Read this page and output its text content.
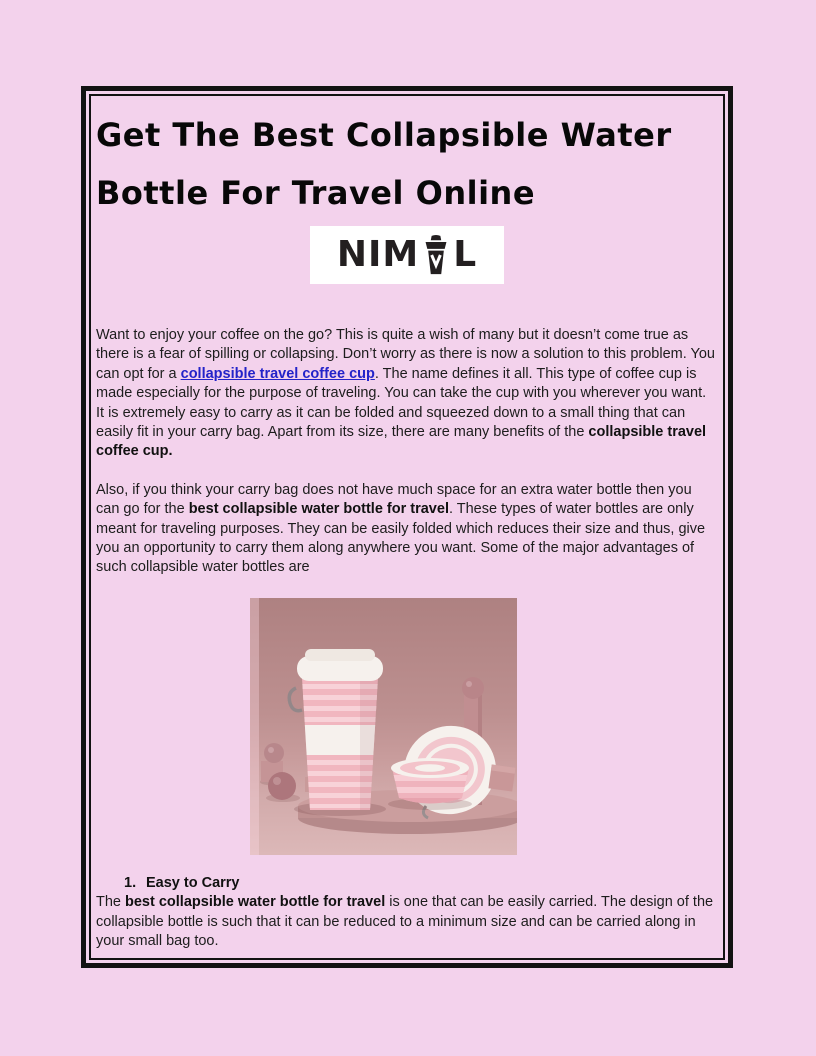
Get The Best Collapsible Water
Bottle For Travel Online
NIM L

Want to enjoy your coffee on the go? This is quite a wish of many but it doesn’t come true as there is a fear of spilling or collapsing. Don’t worry as there is now a solution to this problem. You can opt for a collapsible travel coffee cup. The name defines it all. This type of coffee cup is made especially for the purpose of traveling. You can take the cup with you wherever you want. It is extremely easy to carry as it can be folded and squeezed down to a small thing that can easily fit in your carry bag. Apart from its size, there are many benefits of the collapsible travel coffee cup.

Also, if you think your carry bag does not have much space for an extra water bottle then you can go for the best collapsible water bottle for travel. These types of water bottles are only meant for traveling purposes. They can be easily folded which reduces their size and thus, give you an opportunity to carry them along anywhere you want. Some of the major advantages of such collapsible water bottles are

1. Easy to Carry

The best collapsible water bottle for travel is one that can be easily carried. The design of the collapsible bottle is such that it can be reduced to a minimum size and can be carried along in your small bag too.
